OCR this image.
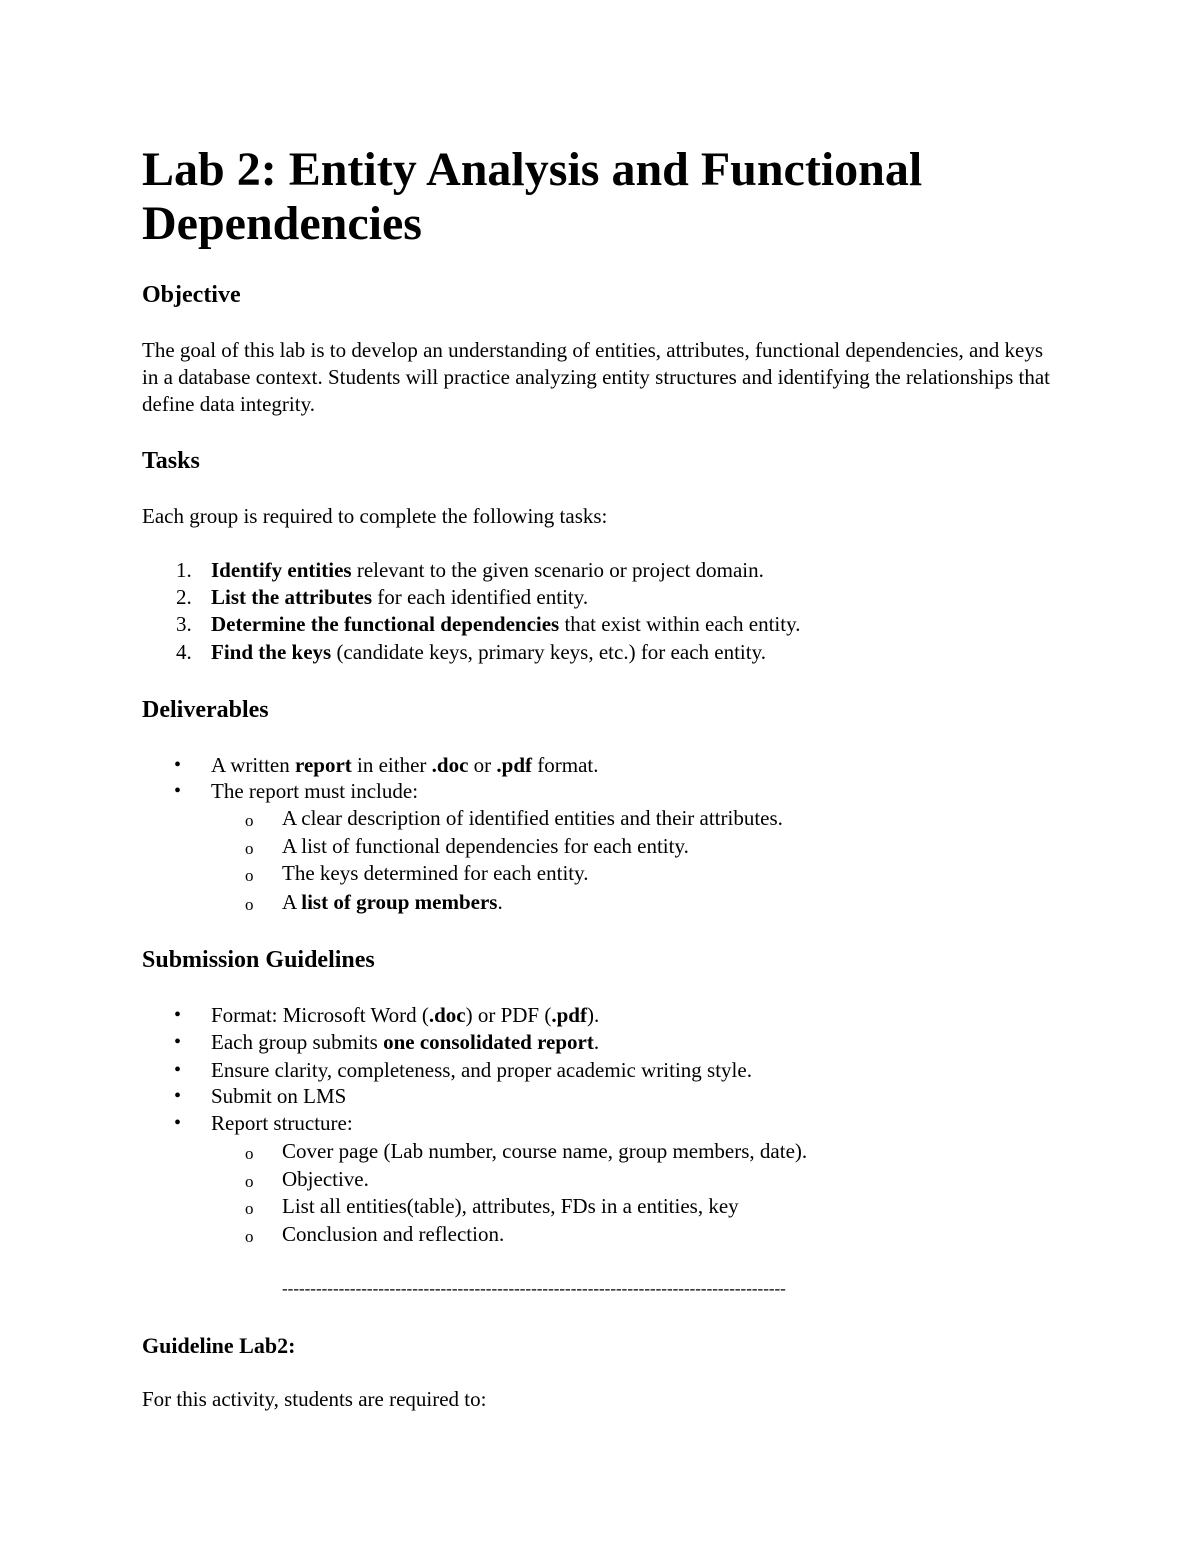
Lab 2: Entity Analysis and Functional Dependencies
Objective

The goal of this lab is to develop an understanding of entities, attributes, functional dependencies, and keys in a database context. Students will practice analyzing entity structures and identifying the relationships that define data integrity.

Tasks

Each group is required to complete the following tasks:

1. Identify entities relevant to the given scenario or project domain.
2. List the attributes for each identified entity.
3. Determine the functional dependencies that exist within each entity.
4. Find the keys (candidate keys, primary keys, etc.) for each entity.
Deliverables
• A written report in either .doc or .pdf format.
• The report must include:
o A clear description of identified entities and their attributes.
o A list of functional dependencies for each entity.
o The keys determined for each entity.
o A list of group members.
Submission Guidelines
• Format: Microsoft Word (.doc) or PDF (.pdf).
• Each group submits one consolidated report.
• Ensure clarity, completeness, and proper academic writing style.
• Submit on LMS
• Report structure:
o Cover page (Lab number, course name, group members, date).
o Objective.
o List all entities(table), attributes, FDs in a entities, key
o Conclusion and reflection.
-----------------------------------------------------------------------------------------
Guideline Lab2:

For this activity, students are required to:
